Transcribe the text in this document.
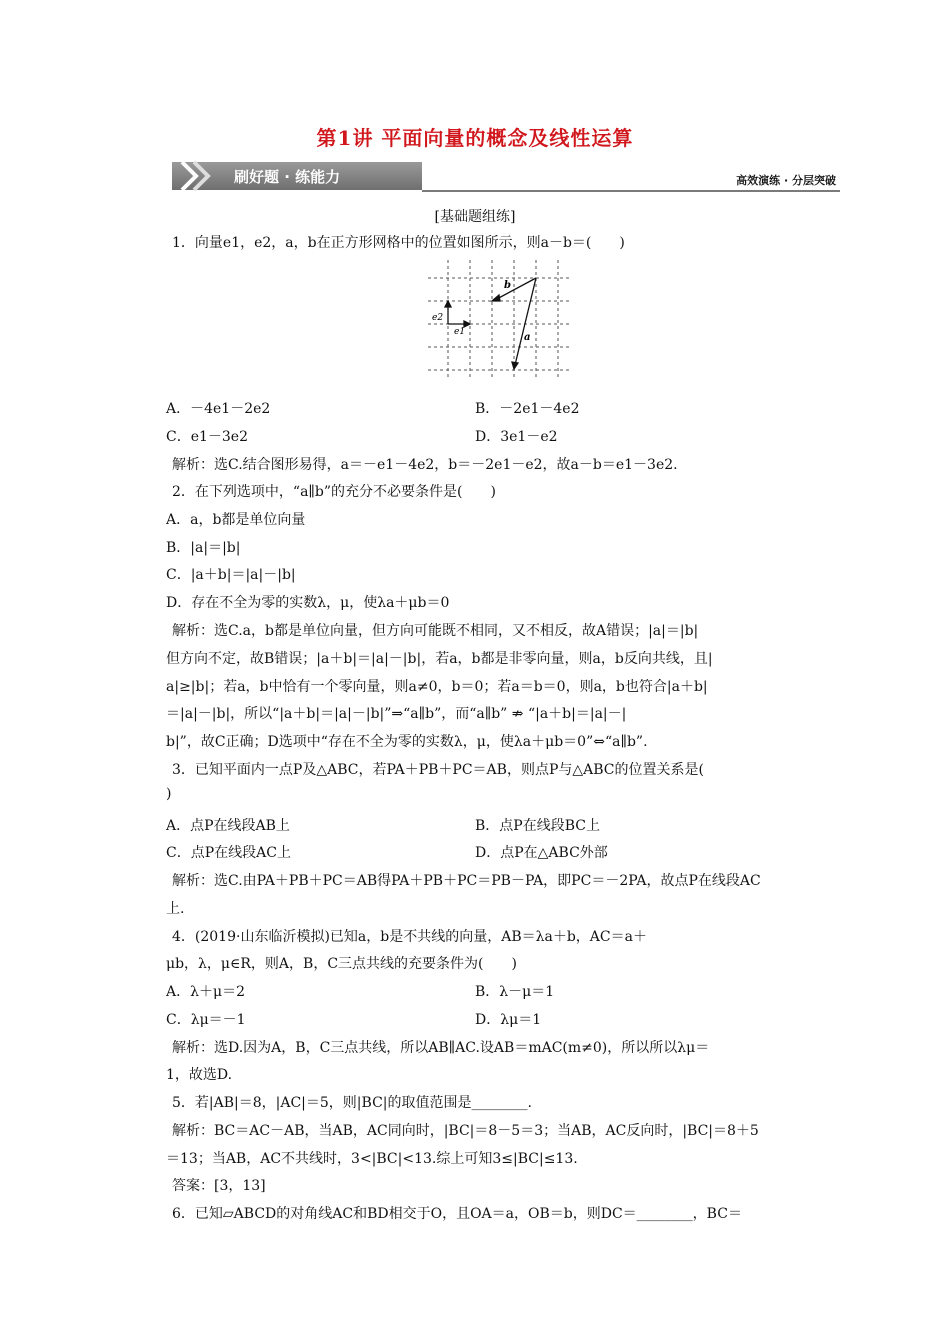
第1讲 平面向量的概念及线性运算
刷好题 · 练能力	高效演练 · 分层突破
[基础题组练]
1．向量e1，e2，a，b在正方形网格中的位置如图所示，则a－b＝(　　)
b
a
e1
e2
A．－4e1－2e2	B．－2e1－4e2
C．e1－3e2	D．3e1－e2
解析：选C.结合图形易得，a＝－e1－4e2，b＝－2e1－e2，故a－b＝e1－3e2.
2．在下列选项中，“a∥b”的充分不必要条件是(　　)
A．a，b都是单位向量
B．|a|＝|b|
C．|a＋b|＝|a|－|b|
D．存在不全为零的实数λ，μ，使λa＋μb＝0
解析：选C.a，b都是单位向量，但方向可能既不相同，又不相反，故A错误；|a|＝|b|
但方向不定，故B错误；|a＋b|＝|a|－|b|，若a，b都是非零向量，则a，b反向共线，且|
a|≥|b|；若a，b中恰有一个零向量，则a≠0，b＝0；若a＝b＝0，则a，b也符合|a＋b|
＝|a|－|b|，所以“|a＋b|＝|a|－|b|”⇒“a∥b”，而“a∥b” ⇏ “|a＋b|＝|a|－|
b|”，故C正确；D选项中“存在不全为零的实数λ，μ，使λa＋μb＝0”⇔“a∥b”.
3．已知平面内一点P及△ABC，若PA＋PB＋PC＝AB，则点P与△ABC的位置关系是(
)
A．点P在线段AB上	B．点P在线段BC上
C．点P在线段AC上	D．点P在△ABC外部
解析：选C.由PA＋PB＋PC＝AB得PA＋PB＋PC＝PB－PA，即PC＝－2PA，故点P在线段AC
上.
4．(2019·山东临沂模拟)已知a，b是不共线的向量，AB＝λa＋b，AC＝a＋
μb，λ，μ∈R，则A，B，C三点共线的充要条件为(　　)
A．λ＋μ＝2	B．λ－μ＝1
C．λμ＝－1	D．λμ＝1
解析：选D.因为A，B，C三点共线，所以AB∥AC.设AB＝mAC(m≠0)，所以所以λμ＝
1，故选D.
5．若|AB|＝8，|AC|＝5，则|BC|的取值范围是________.
解析：BC＝AC－AB，当AB，AC同向时，|BC|＝8－5＝3；当AB，AC反向时，|BC|＝8＋5
＝13；当AB，AC不共线时，3<|BC|<13.综上可知3≤|BC|≤13.
答案：[3，13]
6．已知▱ABCD的对角线AC和BD相交于O，且OA＝a，OB＝b，则DC＝________，BC＝
